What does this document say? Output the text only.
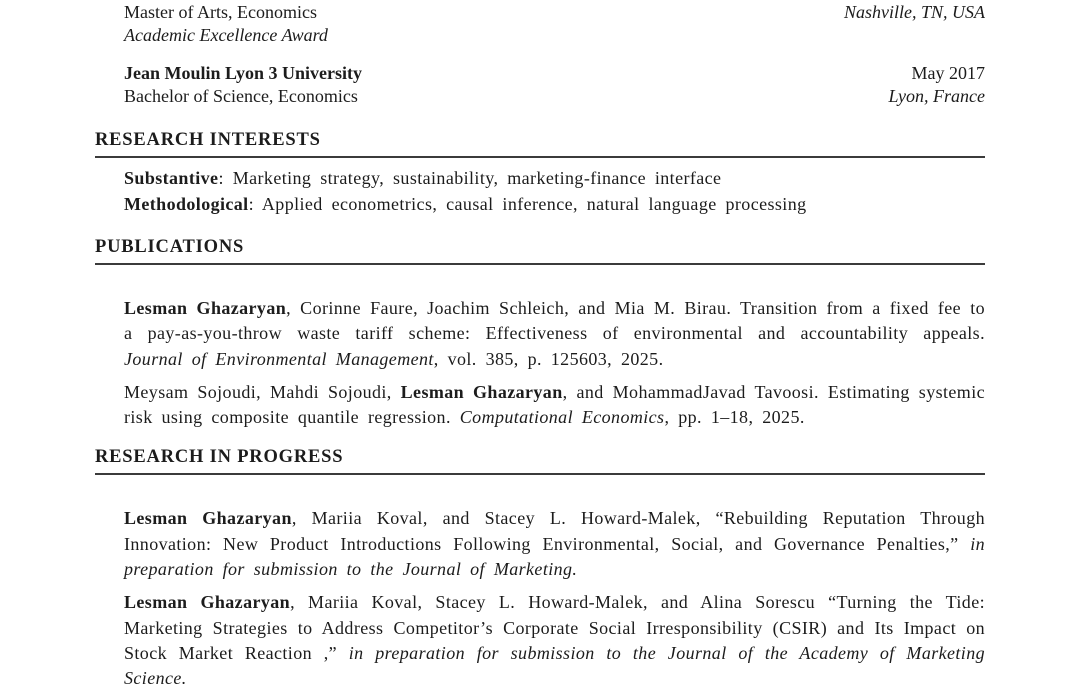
Master of Arts, Economics	Nashville, TN, USA
Academic Excellence Award
Jean Moulin Lyon 3 University	May 2017
Bachelor of Science, Economics	Lyon, France
RESEARCH INTERESTS

Substantive: Marketing strategy, sustainability, marketing-finance interface

Methodological: Applied econometrics, causal inference, natural language processing

PUBLICATIONS

Lesman Ghazaryan, Corinne Faure, Joachim Schleich, and Mia M. Birau. Transition from a fixed fee to a pay-as-you-throw waste tariff scheme: Effectiveness of environmental and accountability appeals. Journal of Environmental Management, vol. 385, p. 125603, 2025.

Meysam Sojoudi, Mahdi Sojoudi, Lesman Ghazaryan, and MohammadJavad Tavoosi. Estimating systemic risk using composite quantile regression. Computational Economics, pp. 1–18, 2025.

RESEARCH IN PROGRESS

Lesman Ghazaryan, Mariia Koval, and Stacey L. Howard-Malek, “Rebuilding Reputation Through Innovation: New Product Introductions Following Environmental, Social, and Governance Penalties,” in preparation for submission to the Journal of Marketing.

Lesman Ghazaryan, Mariia Koval, Stacey L. Howard-Malek, and Alina Sorescu “Turning the Tide: Marketing Strategies to Address Competitor’s Corporate Social Irresponsibility (CSIR) and Its Impact on Stock Market Reaction ,” in preparation for submission to the Journal of the Academy of Marketing Science.
